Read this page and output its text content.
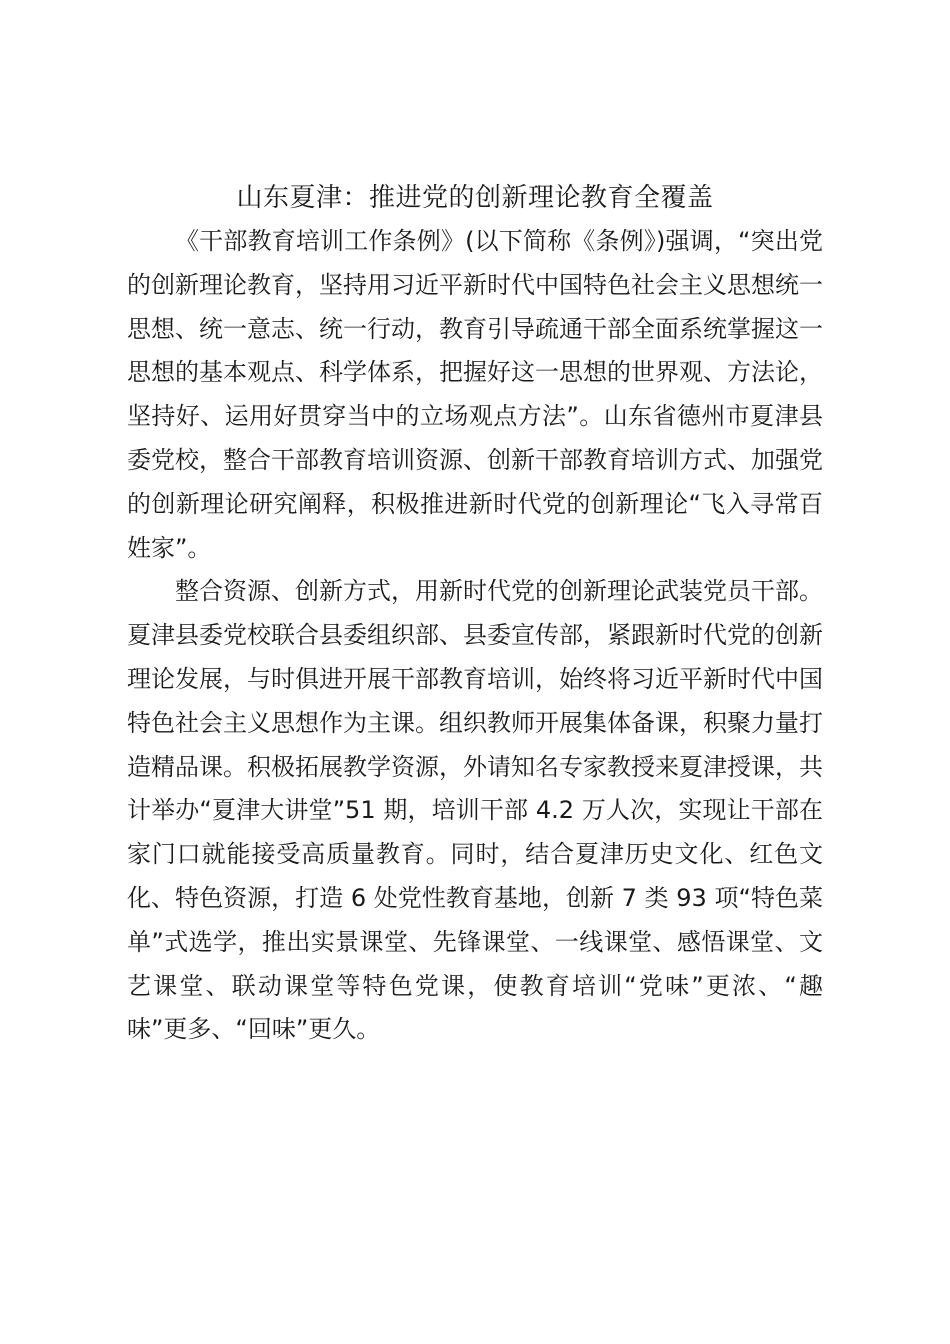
山东夏津：推进党的创新理论教育全覆盖

《干部教育培训工作条例》(以下简称《条例》)强调，“突出党的创新理论教育，坚持用习近平新时代中国特色社会主义思想统一思想、统一意志、统一行动，教育引导疏通干部全面系统掌握这一思想的基本观点、科学体系，把握好这一思想的世界观、方法论，坚持好、运用好贯穿当中的立场观点方法”。山东省德州市夏津县委党校，整合干部教育培训资源、创新干部教育培训方式、加强党的创新理论研究阐释，积极推进新时代党的创新理论“飞入寻常百姓家”。

整合资源、创新方式，用新时代党的创新理论武装党员干部。夏津县委党校联合县委组织部、县委宣传部，紧跟新时代党的创新理论发展，与时俱进开展干部教育培训，始终将习近平新时代中国特色社会主义思想作为主课。组织教师开展集体备课，积聚力量打造精品课。积极拓展教学资源，外请知名专家教授来夏津授课，共计举办“夏津大讲堂”51 期，培训干部 4.2 万人次，实现让干部在家门口就能接受高质量教育。同时，结合夏津历史文化、红色文化、特色资源，打造 6 处党性教育基地，创新 7 类 93 项“特色菜单”式选学，推出实景课堂、先锋课堂、一线课堂、感悟课堂、文艺课堂、联动课堂等特色党课，使教育培训“党味”更浓、“趣味”更多、“回味”更久。
